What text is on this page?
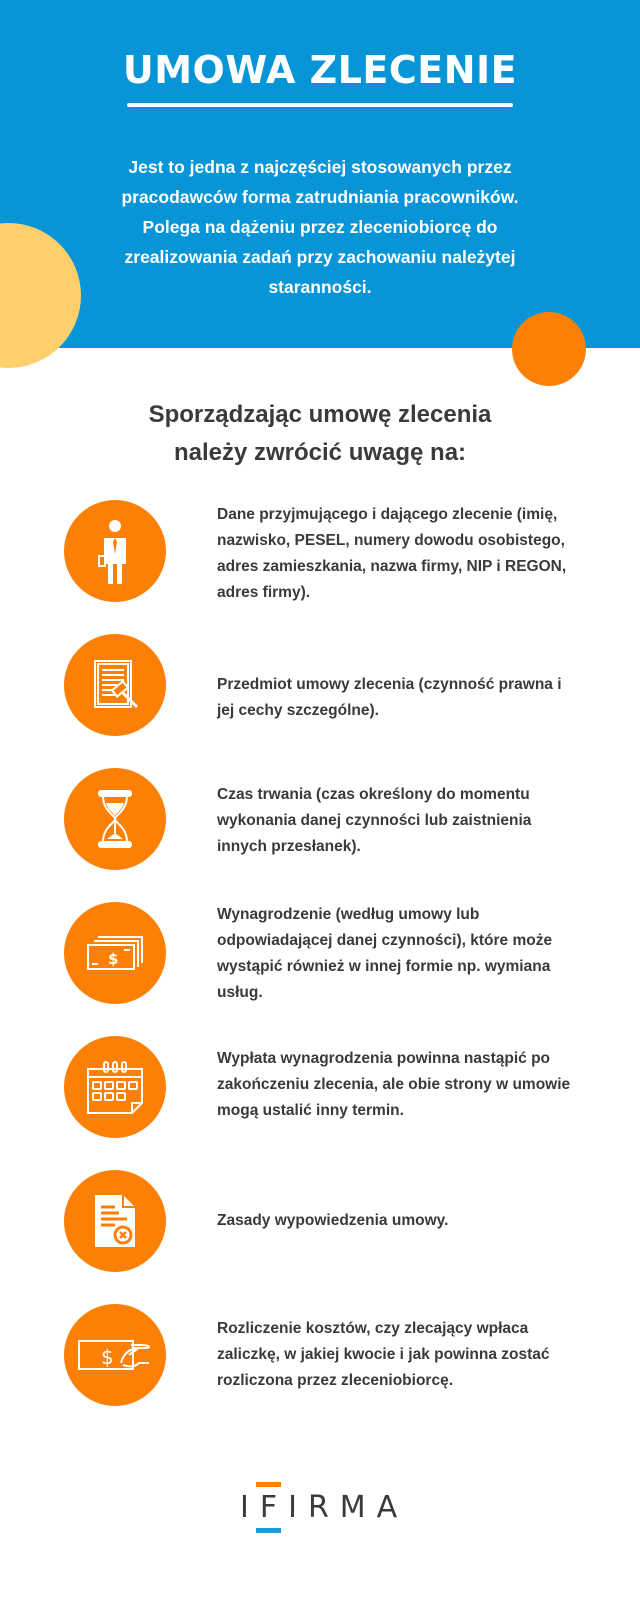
UMOWA ZLECENIE
Jest to jedna z najczęściej stosowanych przez pracodawców forma zatrudniania pracowników. Polega na dążeniu przez zleceniobiorcę do zrealizowania zadań przy zachowaniu należytej staranności.
Sporządzając umowę zlecenia
należy zwrócić uwagę na:
Dane przyjmującego i dającego zlecenie (imię, nazwisko, PESEL, numery dowodu osobistego, adres zamieszkania, nazwa firmy, NIP i REGON, adres firmy).
Przedmiot umowy zlecenia (czynność prawna i jej cechy szczególne).
Czas trwania (czas określony do momentu wykonania danej czynności lub zaistnienia innych przesłanek).
$
Wynagrodzenie (według umowy lub odpowiadającej danej czynności), które może wystąpić również w innej formie np. wymiana usług.
Wypłata wynagrodzenia powinna nastąpić po zakończeniu zlecenia, ale obie strony w umowie mogą ustalić inny termin.
Zasady wypowiedzenia umowy.
$
Rozliczenie kosztów, czy zlecający wpłaca zaliczkę, w jakiej kwocie i jak powinna zostać rozliczona przez zleceniobiorcę.
IFIRMA
